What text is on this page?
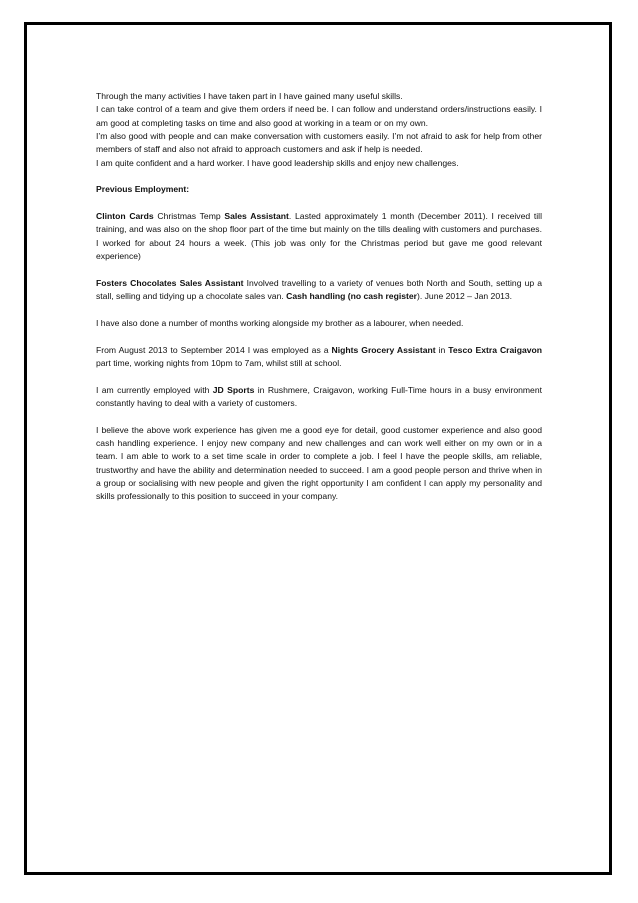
Through the many activities I have taken part in I have gained many useful skills.

I can take control of a team and give them orders if need be. I can follow and understand orders/instructions easily. I am good at completing tasks on time and also good at working in a team or on my own.

I’m also good with people and can make conversation with customers easily. I’m not afraid to ask for help from other members of staff and also not afraid to approach customers and ask if help is needed.

I am quite confident and a hard worker. I have good leadership skills and enjoy new challenges.

Previous Employment:

Clinton Cards Christmas Temp Sales Assistant. Lasted approximately 1 month (December 2011). I received till training, and was also on the shop floor part of the time but mainly on the tills dealing with customers and purchases. I worked for about 24 hours a week. (This job was only for the Christmas period but gave me good relevant experience)

Fosters Chocolates Sales Assistant Involved travelling to a variety of venues both North and South, setting up a stall, selling and tidying up a chocolate sales van. Cash handling (no cash register). June 2012 – Jan 2013.

I have also done a number of months working alongside my brother as a labourer, when needed.

From August 2013 to September 2014 I was employed as a Nights Grocery Assistant in Tesco Extra Craigavon part time, working nights from 10pm to 7am, whilst still at school.

I am currently employed with JD Sports in Rushmere, Craigavon, working Full-Time hours in a busy environment constantly having to deal with a variety of customers.

I believe the above work experience has given me a good eye for detail, good customer experience and also good cash handling experience. I enjoy new company and new challenges and can work well either on my own or in a team. I am able to work to a set time scale in order to complete a job. I feel I have the people skills, am reliable, trustworthy and have the ability and determination needed to succeed. I am a good people person and thrive when in a group or socialising with new people and given the right opportunity I am confident I can apply my personality and skills professionally to this position to succeed in your company.
